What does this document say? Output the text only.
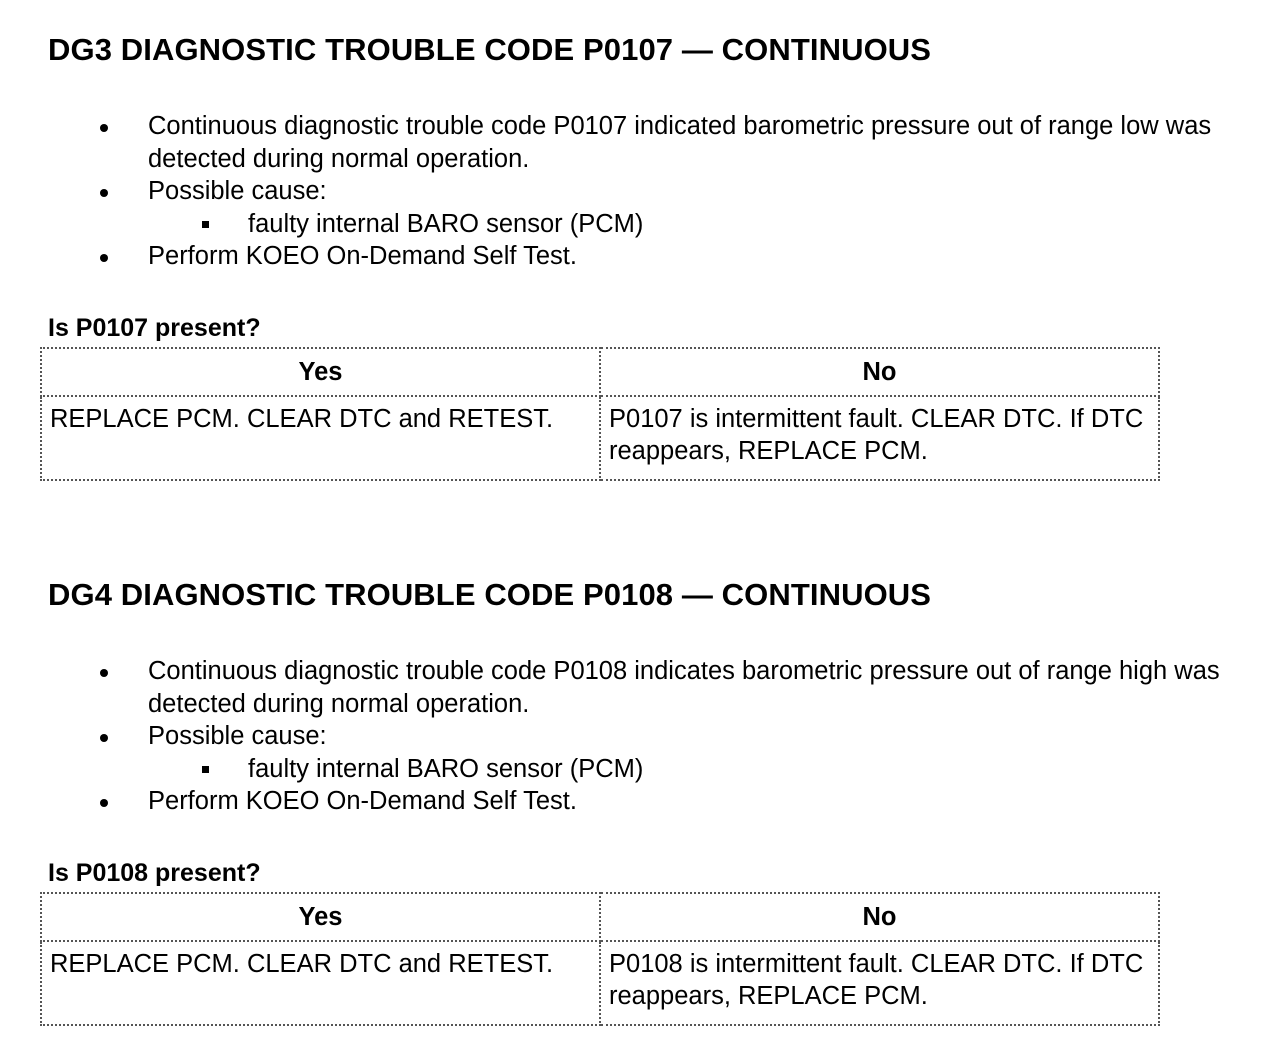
DG3 DIAGNOSTIC TROUBLE CODE P0107 — CONTINUOUS
Continuous diagnostic trouble code P0107 indicated barometric pressure out of range low was detected during normal operation.
Possible cause:
faulty internal BARO sensor (PCM)
Perform KOEO On-Demand Self Test.

Is P0107 present?

Yes	No
REPLACE PCM. CLEAR DTC and RETEST.	P0107 is intermittent fault. CLEAR DTC. If DTC reappears, REPLACE PCM.
DG4 DIAGNOSTIC TROUBLE CODE P0108 — CONTINUOUS
Continuous diagnostic trouble code P0108 indicates barometric pressure out of range high was detected during normal operation.
Possible cause:
faulty internal BARO sensor (PCM)
Perform KOEO On-Demand Self Test.

Is P0108 present?

Yes	No
REPLACE PCM. CLEAR DTC and RETEST.	P0108 is intermittent fault. CLEAR DTC. If DTC reappears, REPLACE PCM.
